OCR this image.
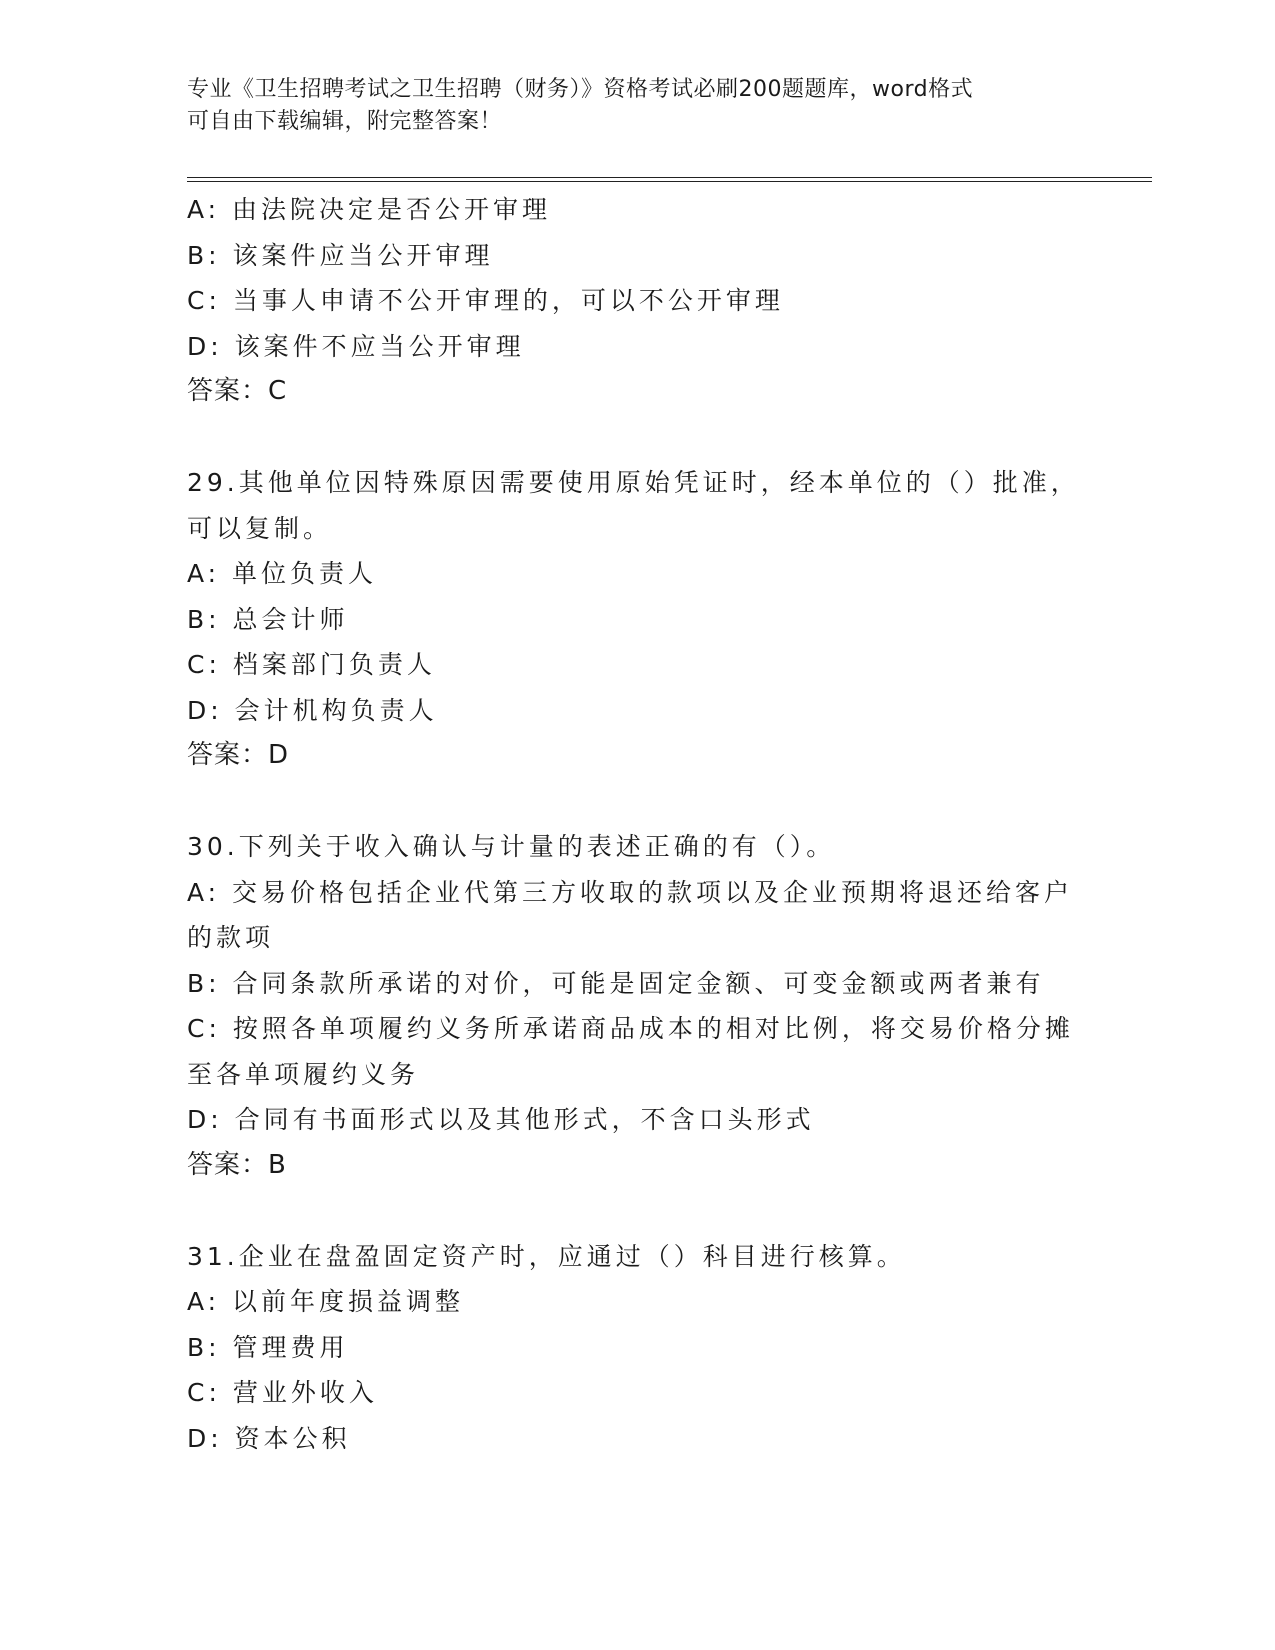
专业《卫生招聘考试之卫生招聘（财务）》资格考试必刷200题题库，word格式
可自由下载编辑，附完整答案！
A: 由法院决定是否公开审理
B: 该案件应当公开审理
C: 当事人申请不公开审理的，可以不公开审理
D: 该案件不应当公开审理
答案：C
29.其他单位因特殊原因需要使用原始凭证时，经本单位的（）批准，
可以复制。
A: 单位负责人
B: 总会计师
C: 档案部门负责人
D: 会计机构负责人
答案：D
30.下列关于收入确认与计量的表述正确的有（）。
A: 交易价格包括企业代第三方收取的款项以及企业预期将退还给客户
的款项
B: 合同条款所承诺的对价，可能是固定金额、可变金额或两者兼有
C: 按照各单项履约义务所承诺商品成本的相对比例，将交易价格分摊
至各单项履约义务
D: 合同有书面形式以及其他形式，不含口头形式
答案：B
31.企业在盘盈固定资产时，应通过（）科目进行核算。
A: 以前年度损益调整
B: 管理费用
C: 营业外收入
D: 资本公积
